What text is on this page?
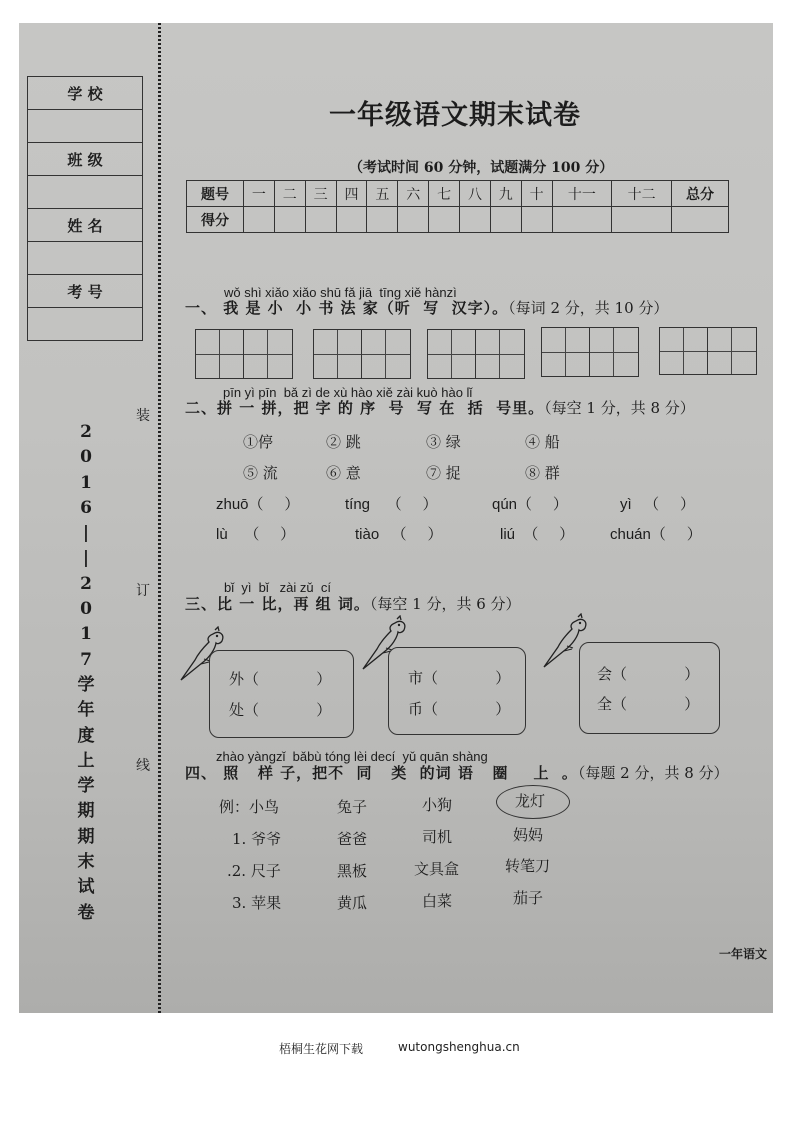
学 校
班 级
姓 名
考 号
装
订
线
2
0
1
6
|
|
2
0
1
7
学
年
度
上
学
期
期
末
试
卷
一年级语文期末试卷
（考试时间 60 分钟，试题满分 100 分）
题号	一	二	三	四	五	六	七	八	九	十	十一	十二	总分
得分													
wǒ shì xiǎo xiǎo shū fǎ jiā  tīng xiě hànzì
一、 我 是 小  小 书 法 家（听  写  汉字）。（每词 2 分，共 10 分）
pīn yì pīn  bǎ zì de xù hào xiě zài kuò hào lǐ
二、拼 一 拼，把 字 的 序  号  写 在  括  号里。（每空 1 分，共 8 分）
①停	② 跳	③ 绿	④ 船
⑤ 流	⑥ 意	⑦ 捉	⑧ 群
zhuō（     ）	tíng    （     ）	qún（     ）	yì   （     ）
lù    （     ）	tiào   （     ）	liú  （     ） chuán（     ）
bǐ  yì  bǐ   zài zǔ  cí
三、比 一 比，再 组 词。（每空 1 分，共 6 分）
外（            ）
处（            ）
市（            ）
币（            ）
会（            ）
全（            ）
zhào yàngzǐ  bǎbù tóng lèi decí  yǔ quān shàng
四、 照   样 子，把不  同   类  的词 语   圈    上  。（每题 2 分，共 8 分）
例：小鸟	兔子	小狗	龙灯
1. 爷爷	爸爸	司机	妈妈
.2. 尺子	黑板	文具盒	转笔刀
3. 苹果	黄瓜	白菜	茄子
一年语文
梧桐生花网下载	wutongshenghua.cn
